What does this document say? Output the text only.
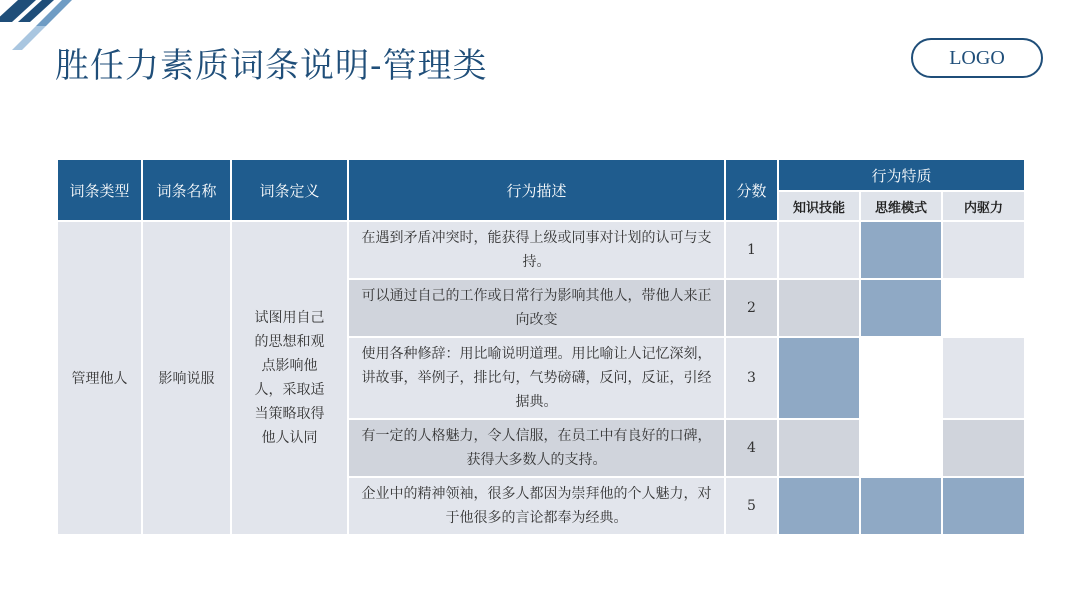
胜任力素质词条说明-管理类	LOGO
词条类型	词条名称	词条定义	行为描述	分数	行为特质		
					知识技能	思维模式	内驱力
管理他人	影响说服	试图用自己的思想和观点影响他人，采取适当策略取得他人认同	在遇到矛盾冲突时，能获得上级或同事对计划的认可与支持。	1			
			可以通过自己的工作或日常行为影响其他人，带他人来正向改变	2			
			使用各种修辞：用比喻说明道理。用比喻让人记忆深刻，讲故事，举例子，排比句，气势磅礴，反问，反证，引经据典。	3			
			有一定的人格魅力，令人信服，在员工中有良好的口碑，获得大多数人的支持。	4			
			企业中的精神领袖，很多人都因为崇拜他的个人魅力，对于他很多的言论都奉为经典。	5			
